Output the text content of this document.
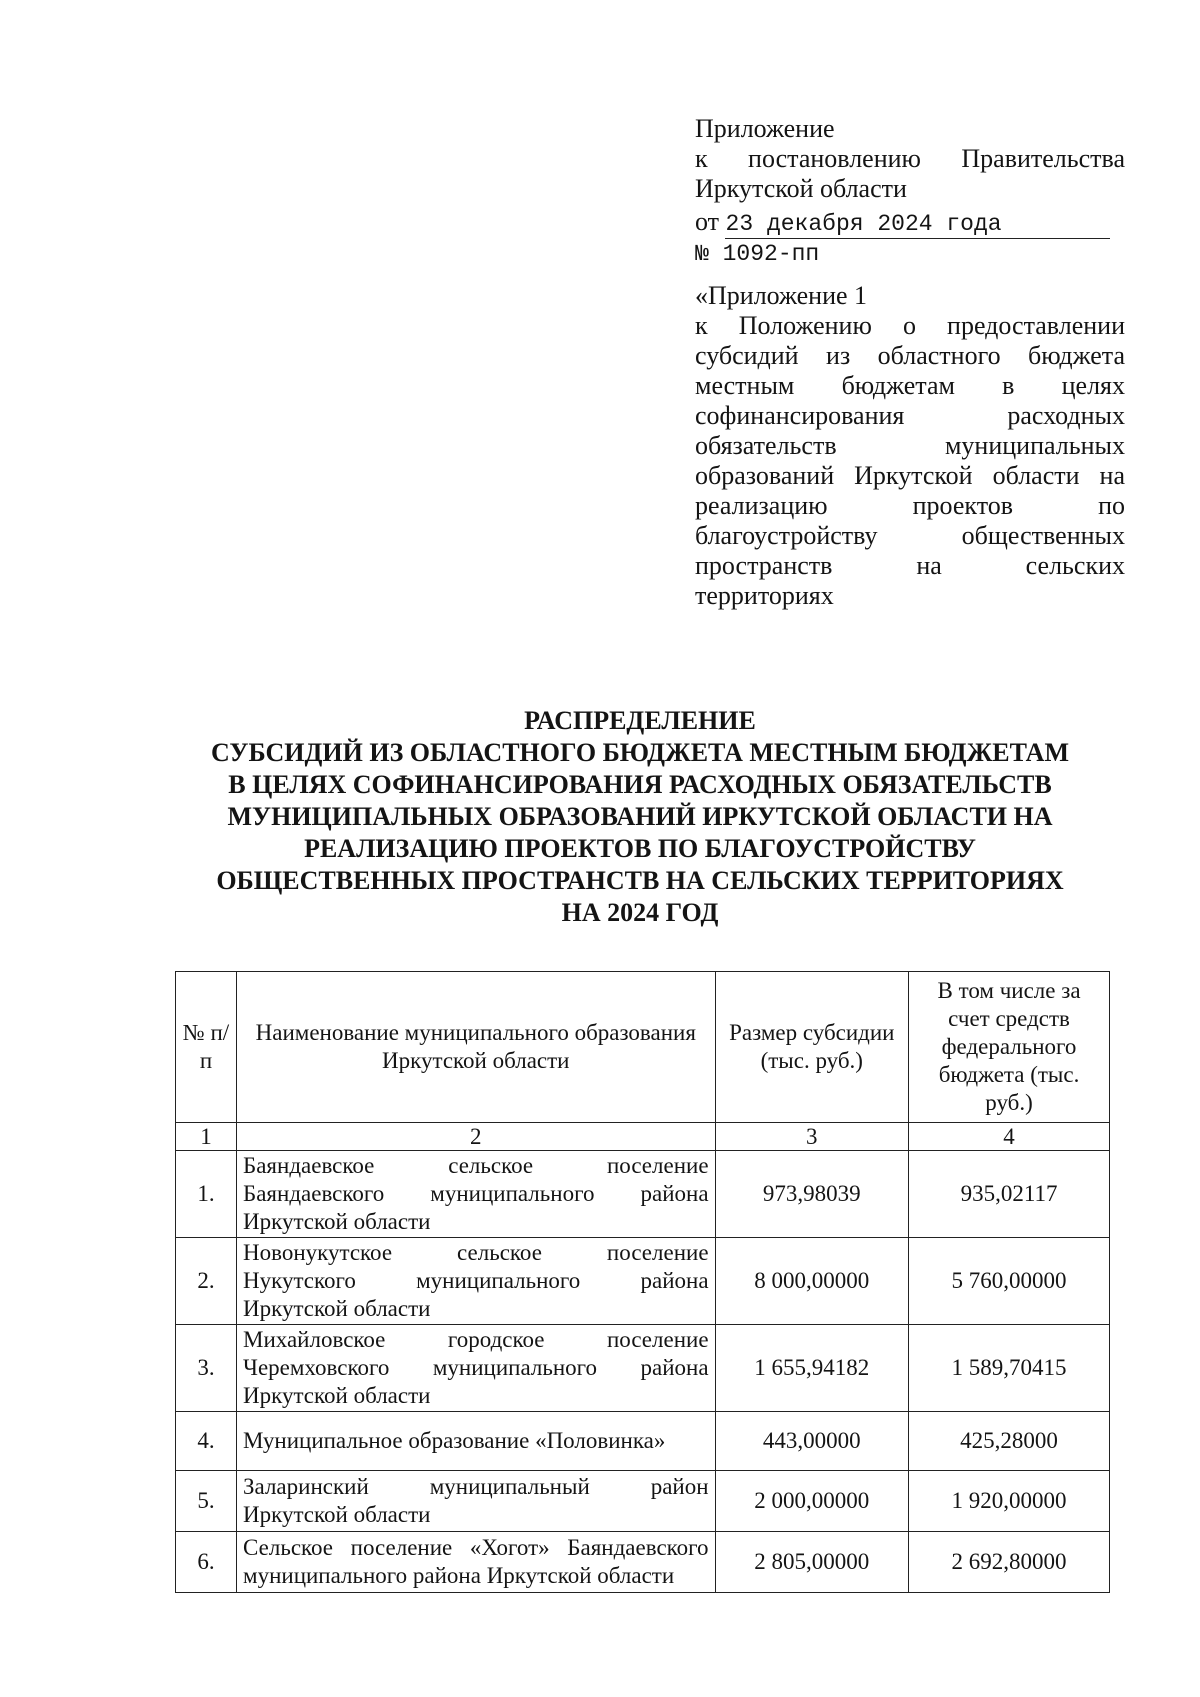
Приложение
к постановлению Правительства
Иркутской области
от 23 декабря 2024 года
№ 1092-пп
«Приложение 1
к Положению о предоставлении
субсидий из областного бюджета
местным бюджетам в целях
софинансирования расходных
обязательств муниципальных
образований Иркутской области на
реализацию проектов по
благоустройству общественных
пространств на сельских
территориях
РАСПРЕДЕЛЕНИЕ
СУБСИДИЙ ИЗ ОБЛАСТНОГО БЮДЖЕТА МЕСТНЫМ БЮДЖЕТАМ
В ЦЕЛЯХ СОФИНАНСИРОВАНИЯ РАСХОДНЫХ ОБЯЗАТЕЛЬСТВ
МУНИЦИПАЛЬНЫХ ОБРАЗОВАНИЙ ИРКУТСКОЙ ОБЛАСТИ НА
РЕАЛИЗАЦИЮ ПРОЕКТОВ ПО БЛАГОУСТРОЙСТВУ
ОБЩЕСТВЕННЫХ ПРОСТРАНСТВ НА СЕЛЬСКИХ ТЕРРИТОРИЯХ
НА 2024 ГОД
№ п/п	Наименование муниципального образования Иркутской области	Размер субсидии (тыс. руб.)	В том числе за счет средств федерального бюджета (тыс. руб.)
1	2	3	4
1.	Баяндаевское сельское поселение Баяндаевского муниципального района Иркутской области	973,98039	935,02117
2.	Новонукутское сельское поселение Нукутского муниципального района Иркутской области	8 000,00000	5 760,00000
3.	Михайловское городское поселение Черемховского муниципального района Иркутской области	1 655,94182	1 589,70415
4.	Муниципальное образование «Половинка»	443,00000	425,28000
5.	Заларинский муниципальный район Иркутской области	2 000,00000	1 920,00000
6.	Сельское поселение «Хогот» Баяндаевского муниципального района Иркутской области	2 805,00000	2 692,80000
